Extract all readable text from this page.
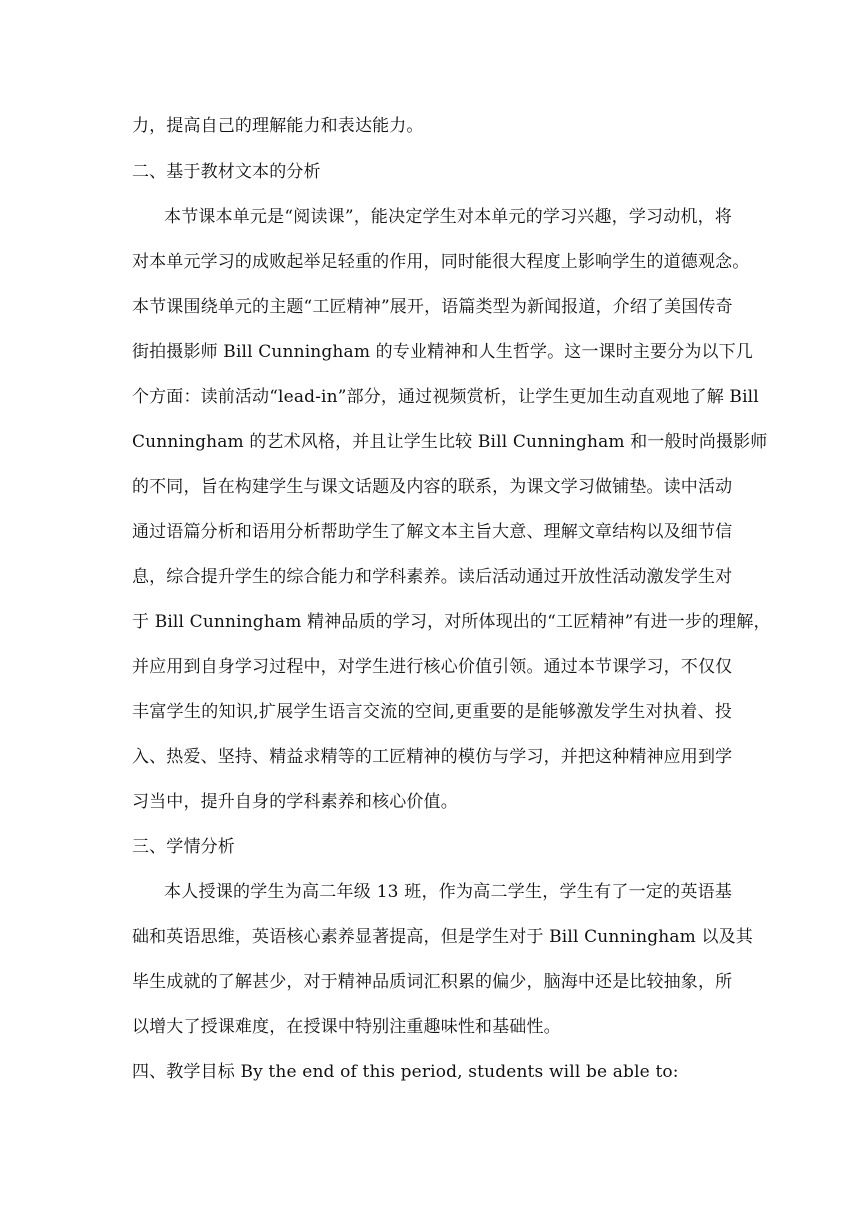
力，提高自己的理解能力和表达能力。
二、基于教材文本的分析
本节课本单元是“阅读课”，能决定学生对本单元的学习兴趣，学习动机，将
对本单元学习的成败起举足轻重的作用，同时能很大程度上影响学生的道德观念。
本节课围绕单元的主题“工匠精神”展开，语篇类型为新闻报道，介绍了美国传奇
街拍摄影师 Bill Cunningham 的专业精神和人生哲学。这一课时主要分为以下几
个方面：读前活动“lead-in”部分，通过视频赏析，让学生更加生动直观地了解 Bill
Cunningham 的艺术风格，并且让学生比较 Bill Cunningham 和一般时尚摄影师
的不同，旨在构建学生与课文话题及内容的联系，为课文学习做铺垫。读中活动
通过语篇分析和语用分析帮助学生了解文本主旨大意、理解文章结构以及细节信
息，综合提升学生的综合能力和学科素养。读后活动通过开放性活动激发学生对
于 Bill Cunningham 精神品质的学习，对所体现出的“工匠精神”有进一步的理解，
并应用到自身学习过程中，对学生进行核心价值引领。通过本节课学习，不仅仅
丰富学生的知识,扩展学生语言交流的空间,更重要的是能够激发学生对执着、投
入、热爱、坚持、精益求精等的工匠精神的模仿与学习，并把这种精神应用到学
习当中，提升自身的学科素养和核心价值。
三、学情分析
本人授课的学生为高二年级 13 班，作为高二学生，学生有了一定的英语基
础和英语思维，英语核心素养显著提高，但是学生对于 Bill Cunningham 以及其
毕生成就的了解甚少，对于精神品质词汇积累的偏少，脑海中还是比较抽象，所
以增大了授课难度，在授课中特别注重趣味性和基础性。
四、教学目标 By the end of this period, students will be able to:
